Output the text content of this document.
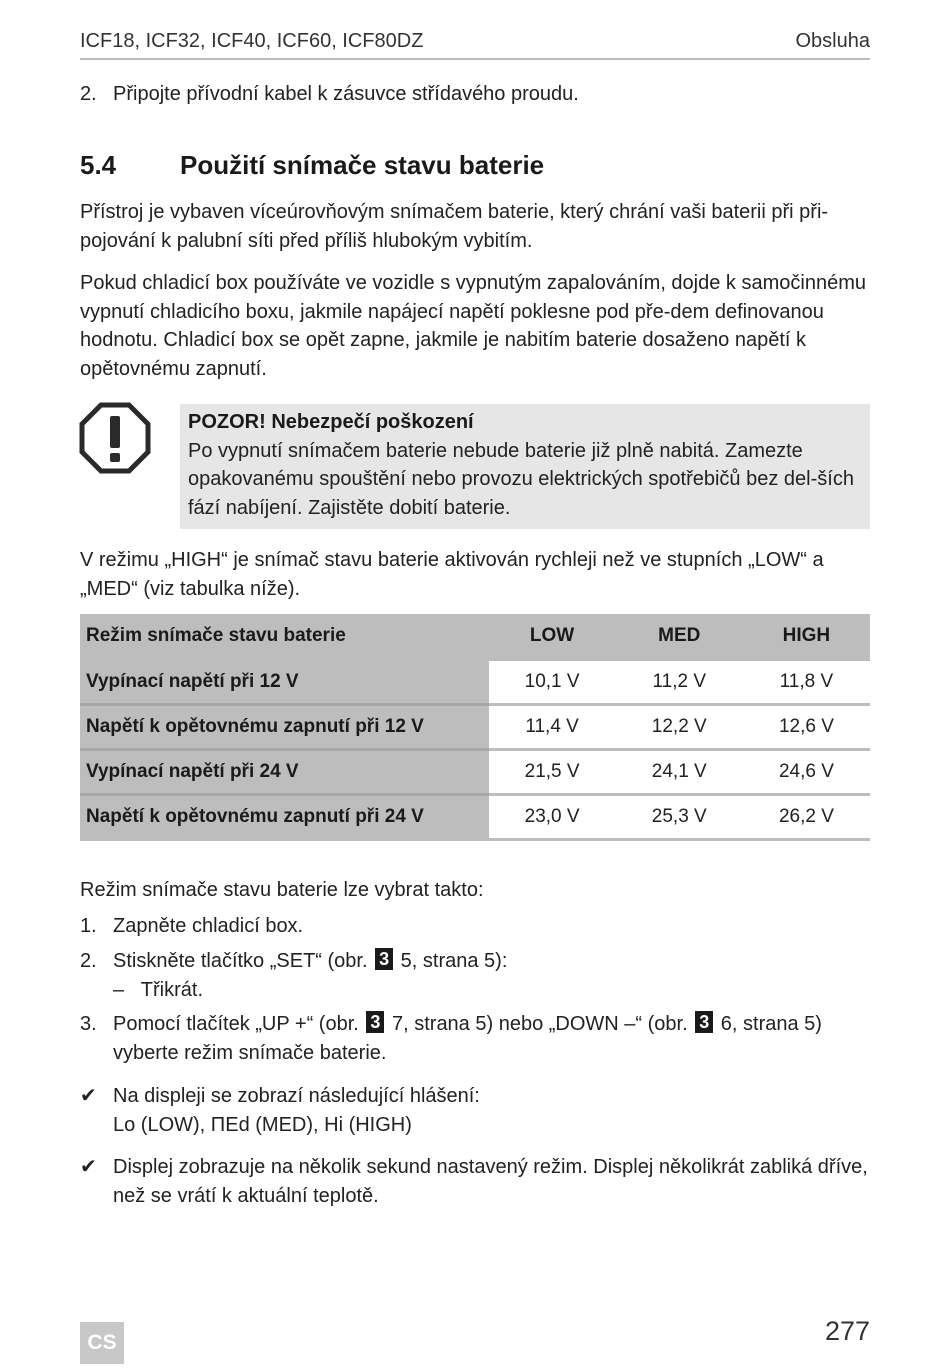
ICF18, ICF32, ICF40, ICF60, ICF80DZ	Obsluha
2. Připojte přívodní kabel k zásuvce střídavého proudu.
5.4 Použití snímače stavu baterie

Přístroj je vybaven víceúrovňovým snímačem baterie, který chrání vaši baterii při při-pojování k palubní síti před příliš hlubokým vybitím.

Pokud chladicí box používáte ve vozidle s vypnutým zapalováním, dojde k samočinnému vypnutí chladicího boxu, jakmile napájecí napětí poklesne pod pře-dem definovanou hodnotu. Chladicí box se opět zapne, jakmile je nabitím baterie dosaženo napětí k opětovnému zapnutí.

POZOR! Nebezpečí poškození
Po vypnutí snímačem baterie nebude baterie již plně nabitá. Zamezte opakovanému spouštění nebo provozu elektrických spotřebičů bez del-ších fází nabíjení. Zajistěte dobití baterie.

V režimu „HIGH“ je snímač stavu baterie aktivován rychleji než ve stupních „LOW“ a „MED“ (viz tabulka níže).

Režim snímače stavu baterie	LOW	MED	HIGH
Vypínací napětí při 12 V	10,1 V	11,2 V	11,8 V
Napětí k opětovnému zapnutí při 12 V	11,4 V	12,2 V	12,6 V
Vypínací napětí při 24 V	21,5 V	24,1 V	24,6 V
Napětí k opětovnému zapnutí při 24 V	23,0 V	25,3 V	26,2 V

Režim snímače stavu baterie lze vybrat takto:

1. Zapněte chladicí box.
2. Stiskněte tlačítko „SET“ (obr. 3 5, strana 5):
– Třikrát.
3. Pomocí tlačítek „UP +“ (obr. 3 7, strana 5) nebo „DOWN –“ (obr. 3 6, strana 5) vyberte režim snímače baterie.
✔ Na displeji se zobrazí následující hlášení:
Lo (LOW), ΠEd (MED), Hi (HIGH)
✔ Displej zobrazuje na několik sekund nastavený režim. Displej několikrát zabliká dříve, než se vrátí k aktuální teplotě.
CS	277
